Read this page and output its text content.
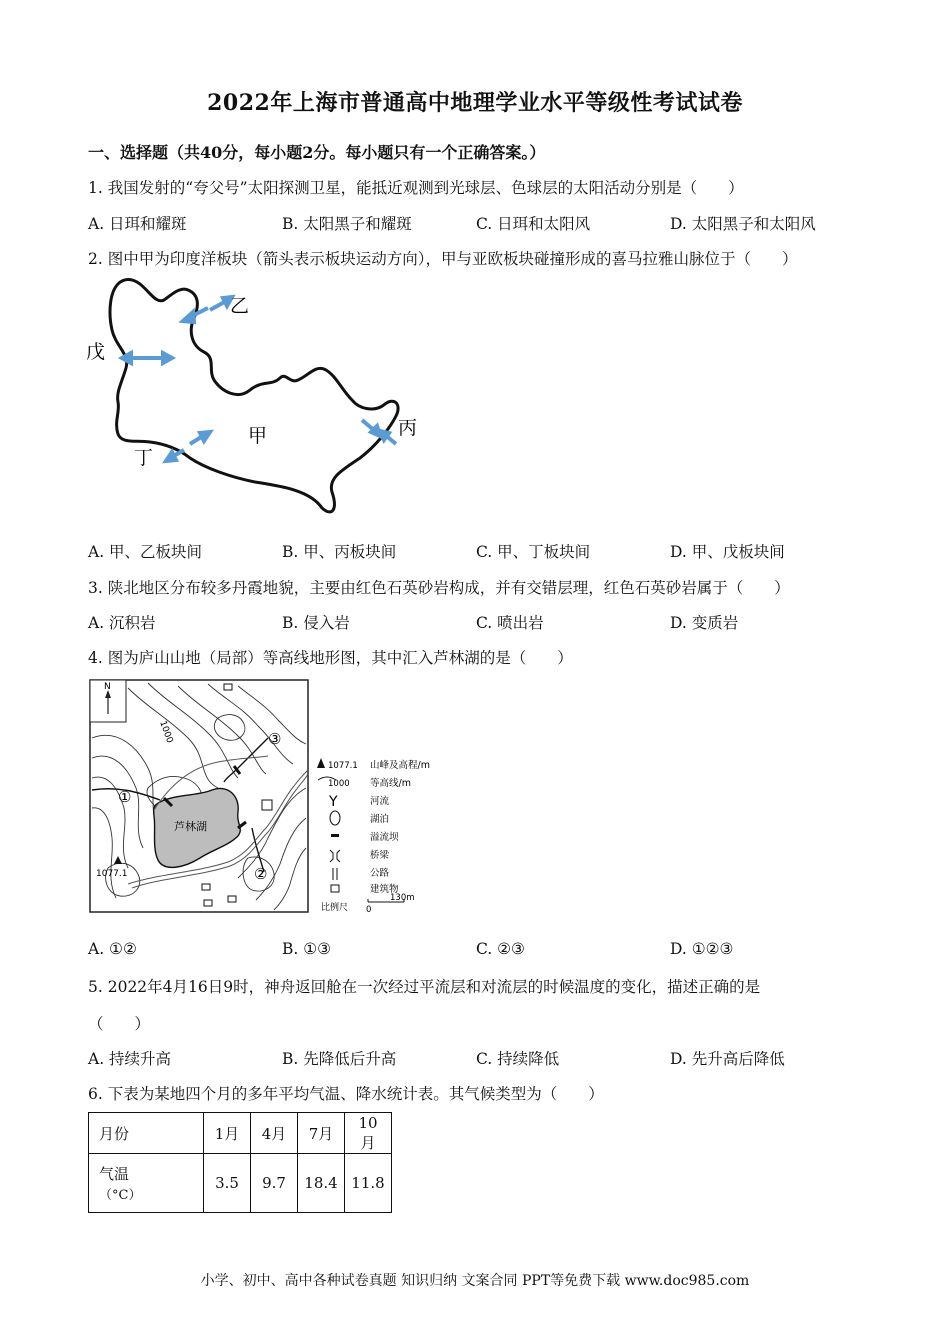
2022年上海市普通高中地理学业水平等级性考试试卷
一、选择题（共40分，每小题2分。每小题只有一个正确答案。）
1. 我国发射的“夸父号”太阳探测卫星，能抵近观测到光球层、色球层的太阳活动分别是（　　）
A. 日珥和耀斑	B. 太阳黑子和耀斑	C. 日珥和太阳风	D. 太阳黑子和太阳风
2. 图中甲为印度洋板块（箭头表示板块运动方向），甲与亚欧板块碰撞形成的喜马拉雅山脉位于（　　）
乙
丙
丁
戊
甲
A. 甲、乙板块间	B. 甲、丙板块间	C. 甲、丁板块间	D. 甲、戊板块间
3. 陕北地区分布较多丹霞地貌，主要由红色石英砂岩构成，并有交错层理，红色石英砂岩属于（　　）
A. 沉积岩	B. 侵入岩	C. 喷出岩	D. 变质岩
4. 图为庐山山地（局部）等高线地形图，其中汇入芦林湖的是（　　）
N
芦林湖
1077.1
1000
①
②
③
1077.1 山峰及高程/m
1000 等高线/m
Y	河流
湖泊
溢流坝
桥梁
公路
建筑物
比例尺 0
130m
A. ①②	B. ①③	C. ②③	D. ①②③
5. 2022年4月16日9时，神舟返回舱在一次经过平流层和对流层的时候温度的变化，描述正确的是
（　　）
A. 持续升高	B. 先降低后升高	C. 持续降低	D. 先升高后降低
6. 下表为某地四个月的多年平均气温、降水统计表。其气候类型为（　　）
月份	1月	4月	7月	10月

气温
（°C）	3.5	9.7	18.4	11.8
小学、初中、高中各种试卷真题 知识归纳 文案合同 PPT等免费下载 www.doc985.com
